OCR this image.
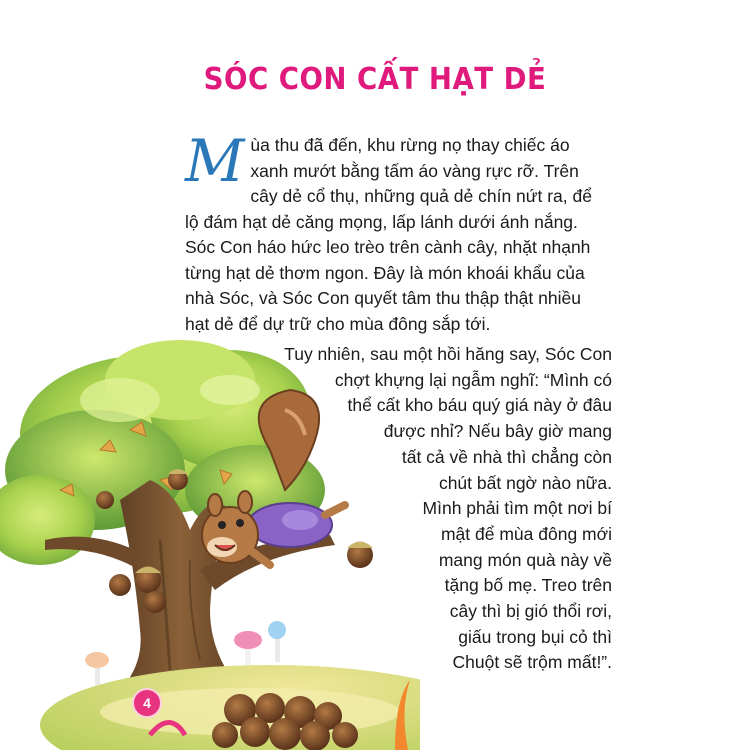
SÓC CON CẤT HẠT DẺ
Mùa thu đã đến, khu rừng nọ thay chiếc áo xanh mướt bằng tấm áo vàng rực rỡ. Trên cây dẻ cổ thụ, những quả dẻ chín nứt ra, để lộ đám hạt dẻ căng mọng, lấp lánh dưới ánh nắng. Sóc Con háo hức leo trèo trên cành cây, nhặt nhạnh từng hạt dẻ thơm ngon. Đây là món khoái khẩu của nhà Sóc, và Sóc Con quyết tâm thu thập thật nhiều hạt dẻ để dự trữ cho mùa đông sắp tới.
Tuy nhiên, sau một hồi hăng say, Sóc Con
chợt khựng lại ngẫm nghĩ: “Mình có
thể cất kho báu quý giá này ở đâu
được nhỉ? Nếu bây giờ mang
tất cả về nhà thì chẳng còn
chút bất ngờ nào nữa.
Mình phải tìm một nơi bí
mật để mùa đông mới
mang món quà này về
tặng bố mẹ. Treo trên
cây thì bị gió thổi rơi,
giấu trong bụi cỏ thì
Chuột sẽ trộm mất!”.
4
